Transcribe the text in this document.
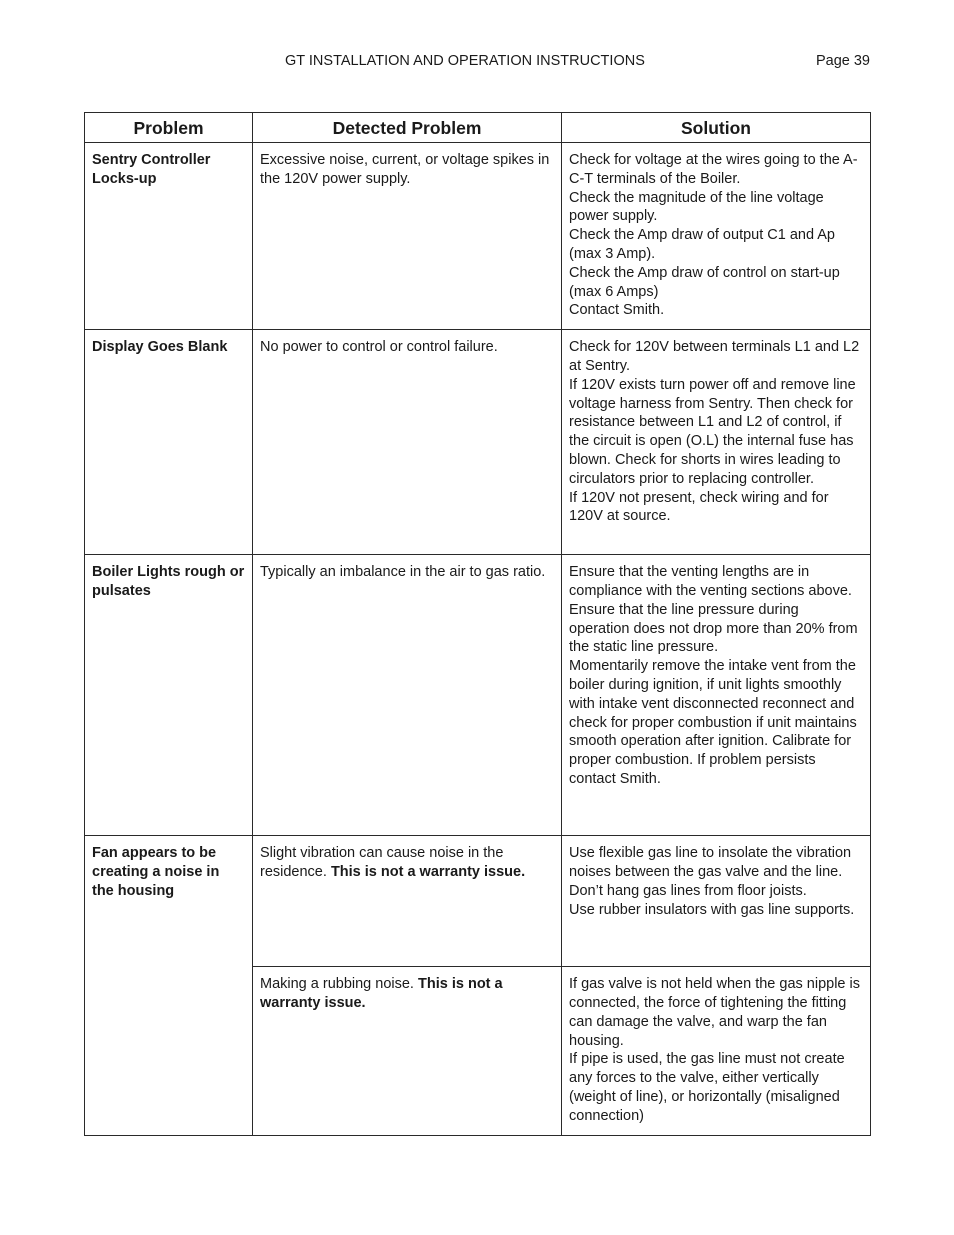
GT INSTALLATION AND OPERATION INSTRUCTIONS	Page 39
Problem	Detected Problem	Solution
Sentry Controller Locks-up	Excessive noise, current, or voltage spikes in the 120V power supply.	Check for voltage at the wires going to the A-C-T terminals of the Boiler.
Check the magnitude of the line voltage power supply.
Check the Amp draw of output C1 and Ap (max 3 Amp).
Check the Amp draw of control on start-up (max 6 Amps)
Contact Smith.

Display Goes Blank	No power to control or control failure.	Check for 120V between terminals L1 and L2 at Sentry.
If 120V exists turn power off and remove line voltage harness from Sentry. Then check for resistance between L1 and L2 of control, if the circuit is open (O.L) the internal fuse has blown. Check for shorts in wires leading to circulators prior to replacing controller.
If 120V not present, check wiring and for 120V at source.

Boiler Lights rough or pulsates	Typically an imbalance in the air to gas ratio.	Ensure that the venting lengths are in compliance with the venting sections above.
Ensure that the line pressure during operation does not drop more than 20% from the static line pressure.
Momentarily remove the intake vent from the boiler during ignition, if unit lights smoothly with intake vent disconnected reconnect and check for proper combustion if unit maintains smooth operation after ignition. Calibrate for proper combustion. If problem persists contact Smith.

Fan appears to be creating a noise in the housing	Slight vibration can cause noise in the residence. This is not a warranty issue.	Use flexible gas line to insolate the vibration noises between the gas valve and the line.
Don’t hang gas lines from floor joists.
Use rubber insulators with gas line supports.

	Making a rubbing noise. This is not a warranty issue.	If gas valve is not held when the gas nipple is connected, the force of tightening the fitting can damage the valve, and warp the fan housing.
If pipe is used, the gas line must not create any forces to the valve, either vertically (weight of line), or horizontally (misaligned connection)
